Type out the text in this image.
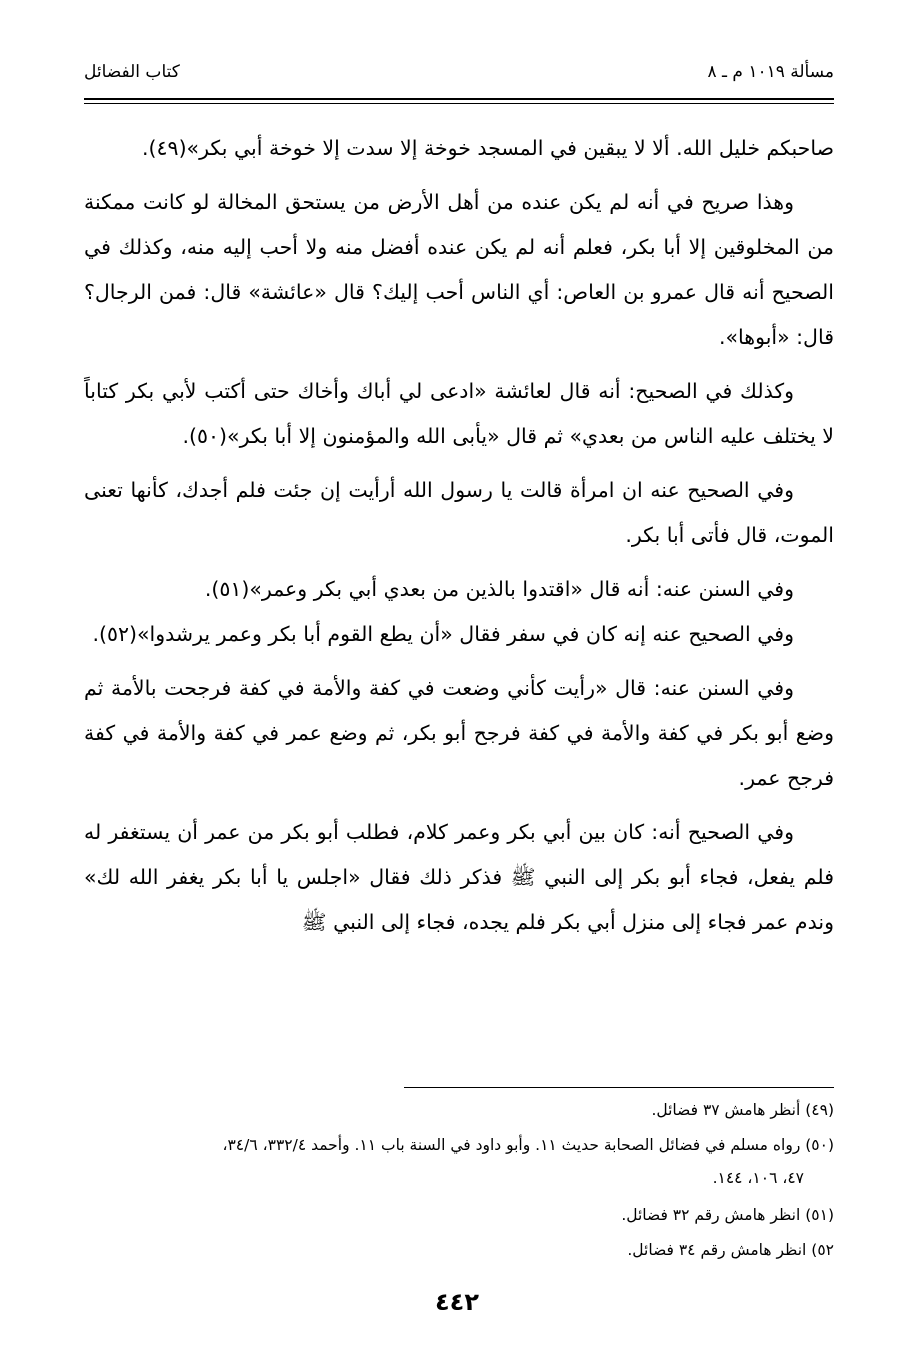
مسألة ١٠١٩ م ـ ٨
كتاب الفضائل

صاحبكم خليل الله. ألا لا يبقين في المسجد خوخة إلا سدت إلا خوخة أبي بكر»(٤٩).

وهذا صريح في أنه لم يكن عنده من أهل الأرض من يستحق المخالة لو كانت ممكنة من المخلوقين إلا أبا بكر، فعلم أنه لم يكن عنده أفضل منه ولا أحب إليه منه، وكذلك في الصحيح أنه قال عمرو بن العاص: أي الناس أحب إليك؟ قال «عائشة» قال: فمن الرجال؟ قال: «أبوها».

وكذلك في الصحيح: أنه قال لعائشة «ادعى لي أباك وأخاك حتى أكتب لأبي بكر كتاباً لا يختلف عليه الناس من بعدي» ثم قال «يأبى الله والمؤمنون إلا أبا بكر»(٥٠).

وفي الصحيح عنه ان امرأة قالت يا رسول الله أرأيت إن جئت فلم أجدك، كأنها تعنى الموت، قال فأتى أبا بكر.

وفي السنن عنه: أنه قال «اقتدوا بالذين من بعدي أبي بكر وعمر»(٥١).

وفي الصحيح عنه إنه كان في سفر فقال «أن يطع القوم أبا بكر وعمر يرشدوا»(٥٢).

وفي السنن عنه: قال «رأيت كأني وضعت في كفة والأمة في كفة فرجحت بالأمة ثم وضع أبو بكر في كفة والأمة في كفة فرجح أبو بكر، ثم وضع عمر في كفة والأمة في كفة فرجح عمر.

وفي الصحيح أنه: كان بين أبي بكر وعمر كلام، فطلب أبو بكر من عمر أن يستغفر له فلم يفعل، فجاء أبو بكر إلى النبي ﷺ فذكر ذلك فقال «اجلس يا أبا بكر يغفر الله لك» وندم عمر فجاء إلى منزل أبي بكر فلم يجده، فجاء إلى النبي ﷺ

(٤٩) أنظر هامش ٣٧ فضائل.
(٥٠) رواه مسلم في فضائل الصحابة حديث ١١. وأبو داود في السنة باب ١١. وأحمد ٣٣٢/٤، ٣٤/٦،
٤٧، ١٠٦، ١٤٤.
(٥١) انظر هامش رقم ٣٢ فضائل.
٥٢) انظر هامش رقم ٣٤ فضائل.
٤٤٢
